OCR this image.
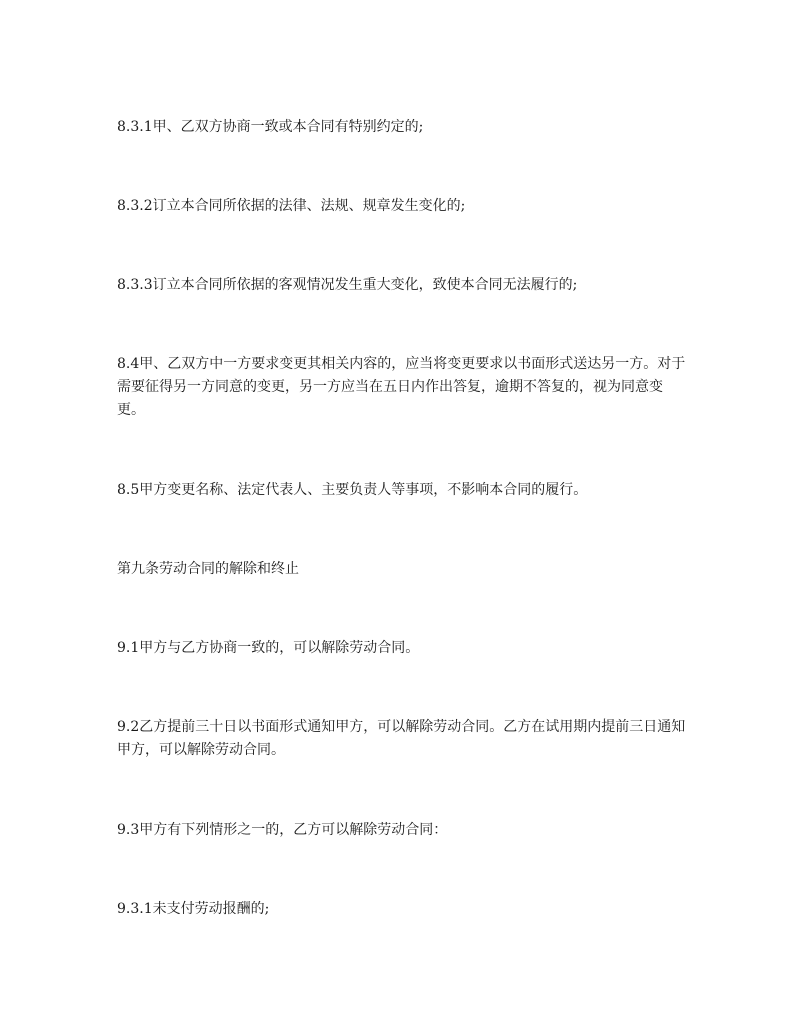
8.3.1甲、乙双方协商一致或本合同有特别约定的;

8.3.2订立本合同所依据的法律、法规、规章发生变化的;

8.3.3订立本合同所依据的客观情况发生重大变化，致使本合同无法履行的;

8.4甲、乙双方中一方要求变更其相关内容的，应当将变更要求以书面形式送达另一方。对于需要征得另一方同意的变更，另一方应当在五日内作出答复，逾期不答复的，视为同意变更。

8.5甲方变更名称、法定代表人、主要负责人等事项，不影响本合同的履行。

第九条劳动合同的解除和终止

9.1甲方与乙方协商一致的，可以解除劳动合同。

9.2乙方提前三十日以书面形式通知甲方，可以解除劳动合同。乙方在试用期内提前三日通知甲方，可以解除劳动合同。

9.3甲方有下列情形之一的，乙方可以解除劳动合同：

9.3.1未支付劳动报酬的;
